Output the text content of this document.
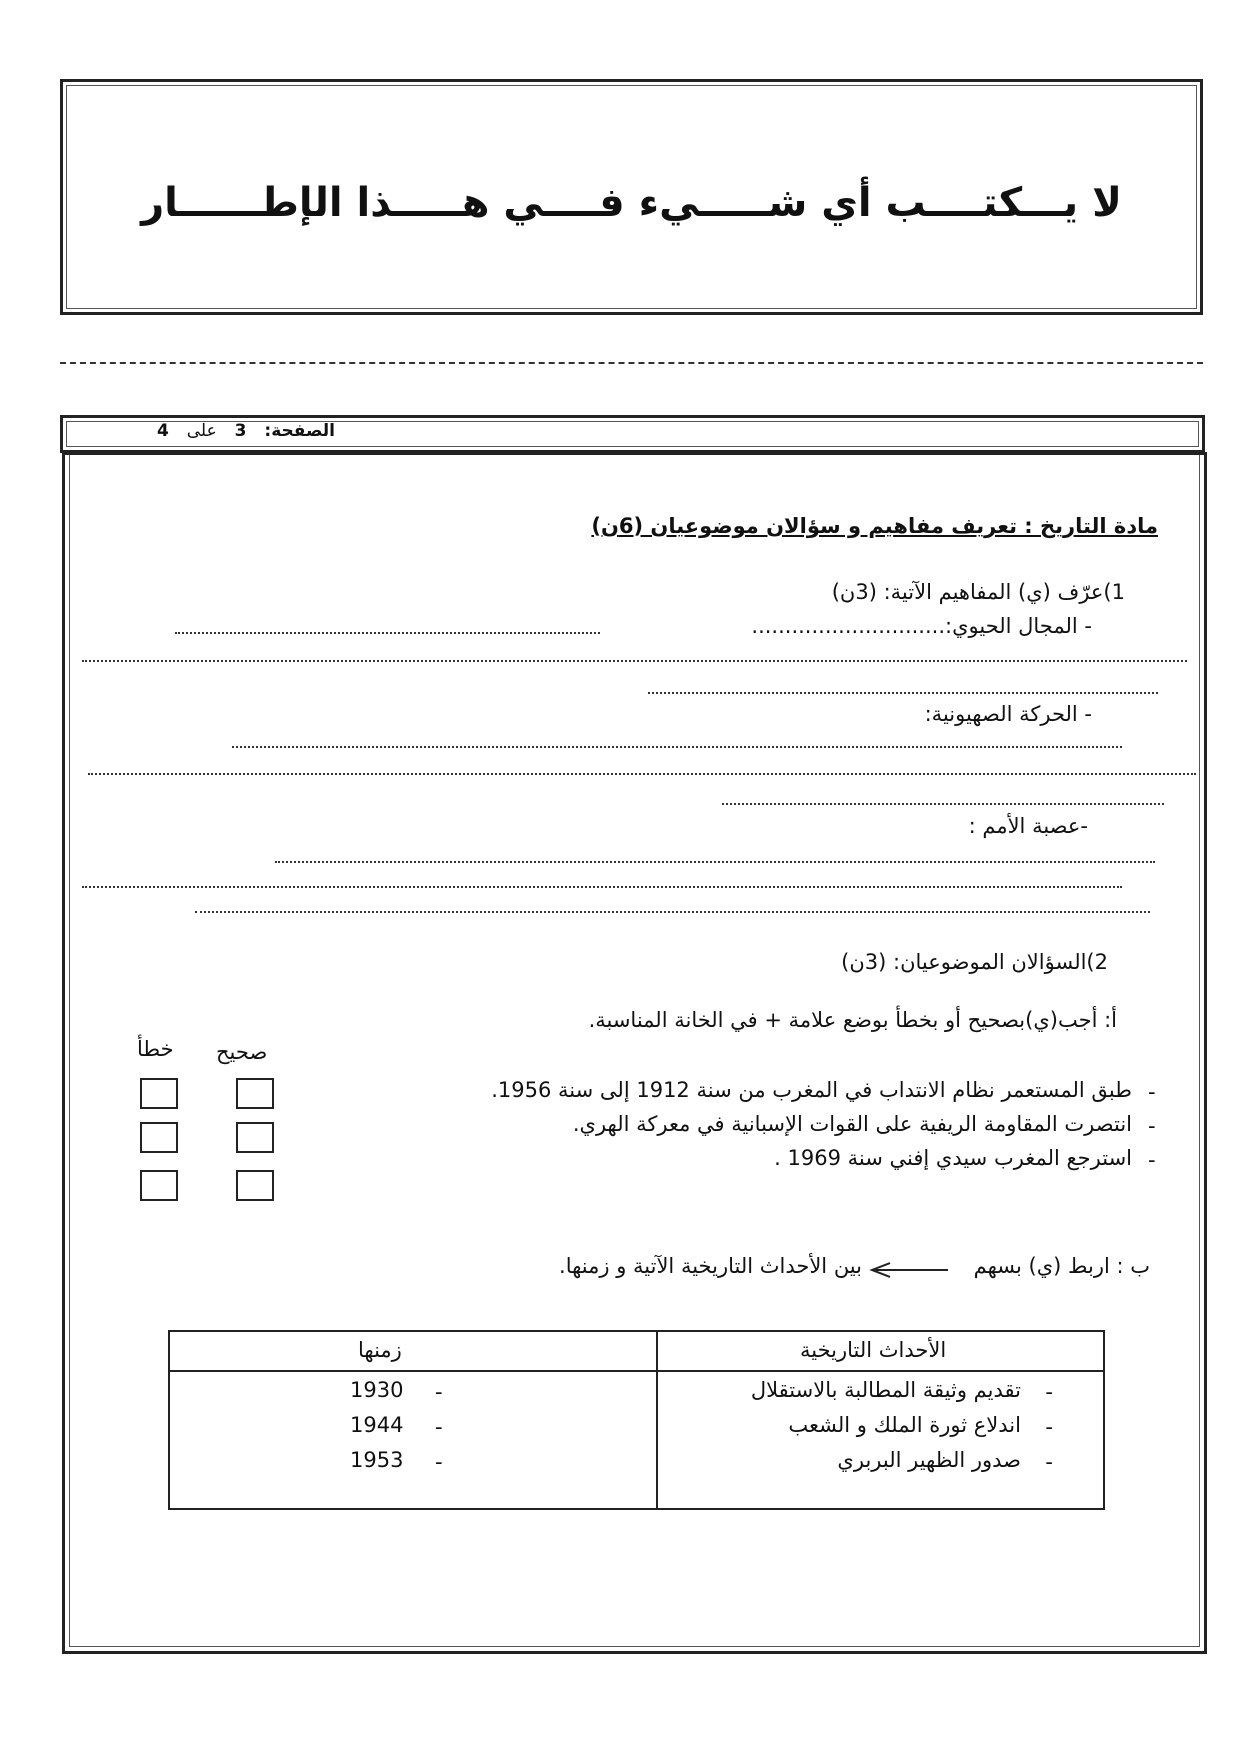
لا يـــكتــــب أي شـــــيء فــــي هـــــذا الإطــــــار
الصفحة: 3 على 4
مادة التاريخ : تعريف مفاهيم و سؤالان موضوعيان (6ن)
1)عرّف (ي) المفاهيم الآتية: (3ن)
- المجال الحيوي:.............................
- الحركة الصهيونية:
-عصبة الأمم :
2)السؤالان الموضوعيان: (3ن)
أ: أجب(ي)بصحيح أو بخطأ بوضع علامة + في الخانة المناسبة.
صحيح
خطأ
-
طبق المستعمر نظام الانتداب في المغرب من سنة 1912 إلى سنة 1956.
-
انتصرت المقاومة الريفية على القوات الإسبانية في معركة الهري.
-
استرجع المغرب سيدي إفني سنة 1969 .
ب : اربط (ي) بسهم
بين الأحداث التاريخية الآتية و زمنها.
الأحداث التاريخية
زمنها
-
تقديم وثيقة المطالبة بالاستقلال
-
اندلاع ثورة الملك و الشعب
-
صدور الظهير البربري
1930 -
1944 -
1953 -
